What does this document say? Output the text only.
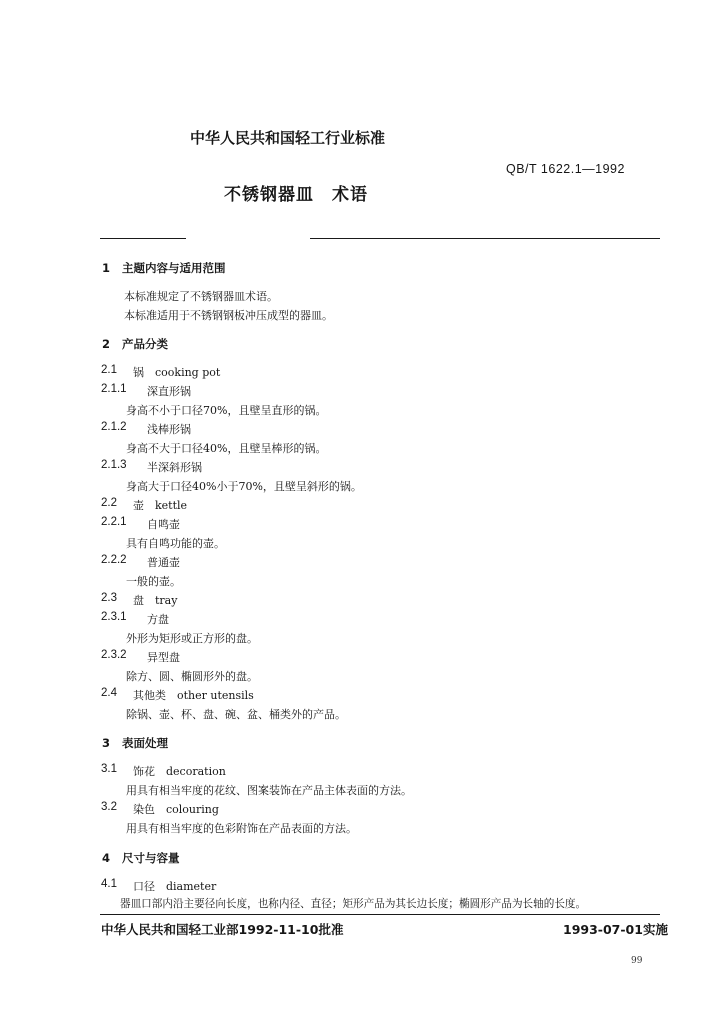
中华人民共和国轻工行业标准
QB/T 1622.1—1992
不锈钢器皿　术语
1 主题内容与适用范围
本标准规定了不锈钢器皿术语。
本标准适用于不锈钢钢板冲压成型的器皿。
2 产品分类
2.1 锅　cooking pot
2.1.1 深直形锅
身高不小于口径70%，且壁呈直形的锅。
2.1.2 浅棒形锅
身高不大于口径40%，且壁呈棒形的锅。
2.1.3 半深斜形锅
身高大于口径40%小于70%，且壁呈斜形的锅。
2.2 壶　kettle
2.2.1 自鸣壶
具有自鸣功能的壶。
2.2.2 普通壶
一般的壶。
2.3 盘　tray
2.3.1 方盘
外形为矩形或正方形的盘。
2.3.2 异型盘
除方、圆、椭圆形外的盘。
2.4 其他类　other utensils
除锅、壶、杯、盘、碗、盆、桶类外的产品。
3 表面处理
3.1 饰花　decoration
用具有相当牢度的花纹、图案装饰在产品主体表面的方法。
3.2 染色　colouring
用具有相当牢度的色彩附饰在产品表面的方法。
4 尺寸与容量
4.1 口径　diameter
器皿口部内沿主要径向长度，也称内径、直径；矩形产品为其长边长度；椭圆形产品为长轴的长度。
中华人民共和国轻工业部1992-11-10批准	1993-07-01实施
99
